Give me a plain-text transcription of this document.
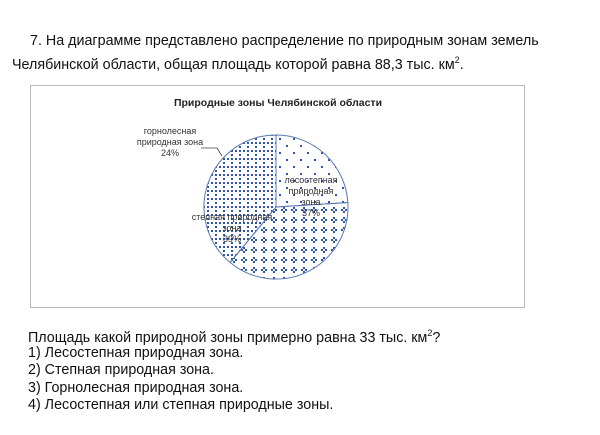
7. На диаграмме представлено распределение по природным зонам земель
Челябинской области, общая площадь которой равна 88,3 тыс. $км^2$.
Природные зоны Челябинской области
горнолесная природная зона 24%
лесостепная природная зона 37%
степная природная зона 39%
Площадь какой природной зоны примерно равна 33 тыс. $км^2$?
1) Лесостепная природная зона.
2) Степная природная зона.
3) Горнолесная природная зона.
4) Лесостепная или степная природные зоны.
